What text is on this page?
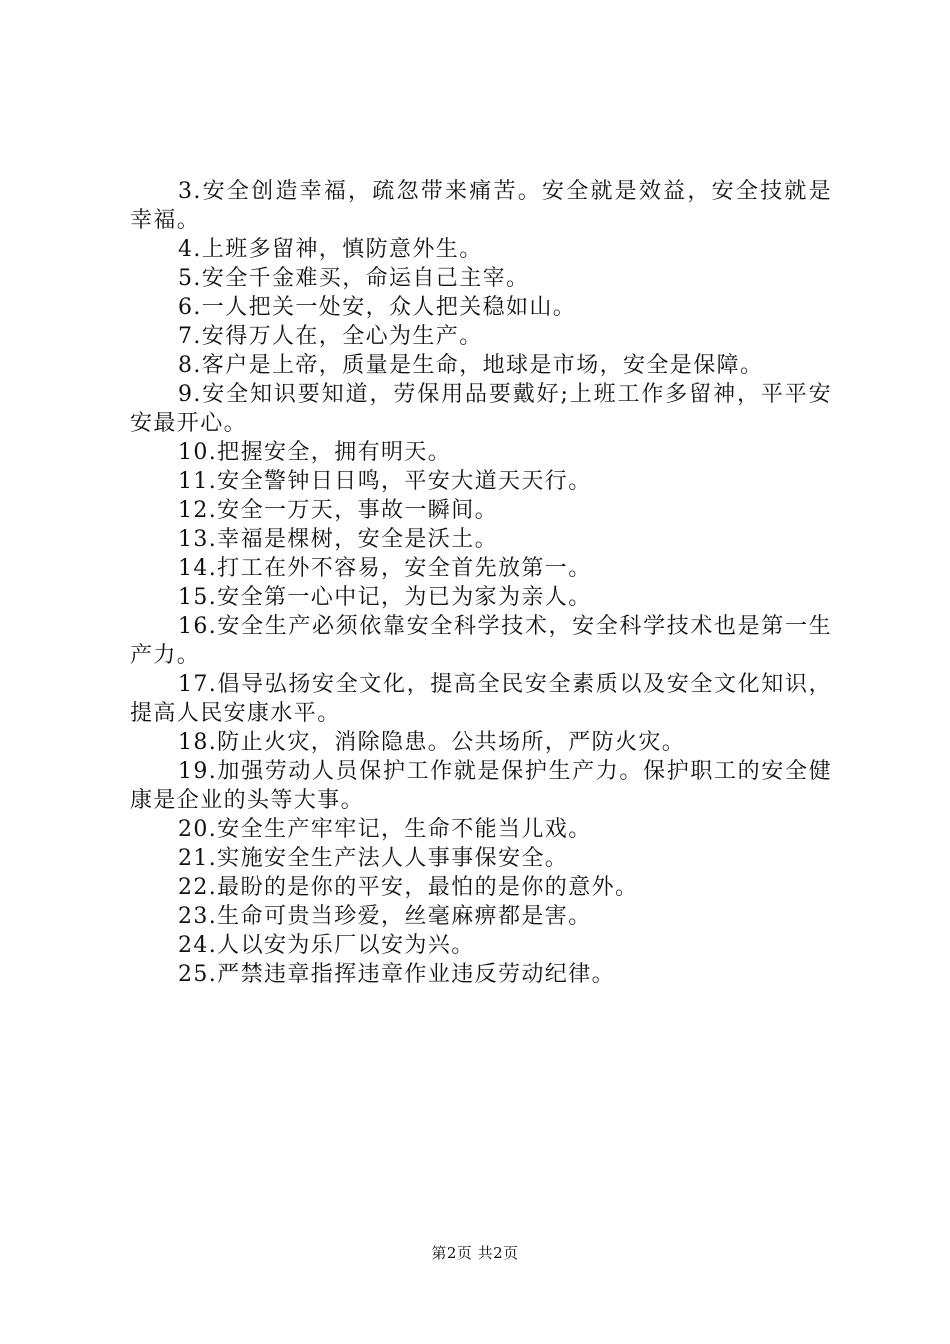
3.安全创造幸福，疏忽带来痛苦。安全就是效益，安全技就是幸福。

4.上班多留神，慎防意外生。

5.安全千金难买，命运自己主宰。

6.一人把关一处安，众人把关稳如山。

7.安得万人在，全心为生产。

8.客户是上帝，质量是生命，地球是市场，安全是保障。

9.安全知识要知道，劳保用品要戴好;上班工作多留神，平平安安最开心。

10.把握安全，拥有明天。

11.安全警钟日日鸣，平安大道天天行。

12.安全一万天，事故一瞬间。

13.幸福是棵树，安全是沃土。

14.打工在外不容易，安全首先放第一。

15.安全第一心中记，为已为家为亲人。

16.安全生产必须依靠安全科学技术，安全科学技术也是第一生产力。

17.倡导弘扬安全文化，提高全民安全素质以及安全文化知识，提高人民安康水平。

18.防止火灾，消除隐患。公共场所，严防火灾。

19.加强劳动人员保护工作就是保护生产力。保护职工的安全健康是企业的头等大事。

20.安全生产牢牢记，生命不能当儿戏。

21.实施安全生产法人人事事保安全。

22.最盼的是你的平安，最怕的是你的意外。

23.生命可贵当珍爱，丝毫麻痹都是害。

24.人以安为乐厂以安为兴。

25.严禁违章指挥违章作业违反劳动纪律。

第2页 共2页
